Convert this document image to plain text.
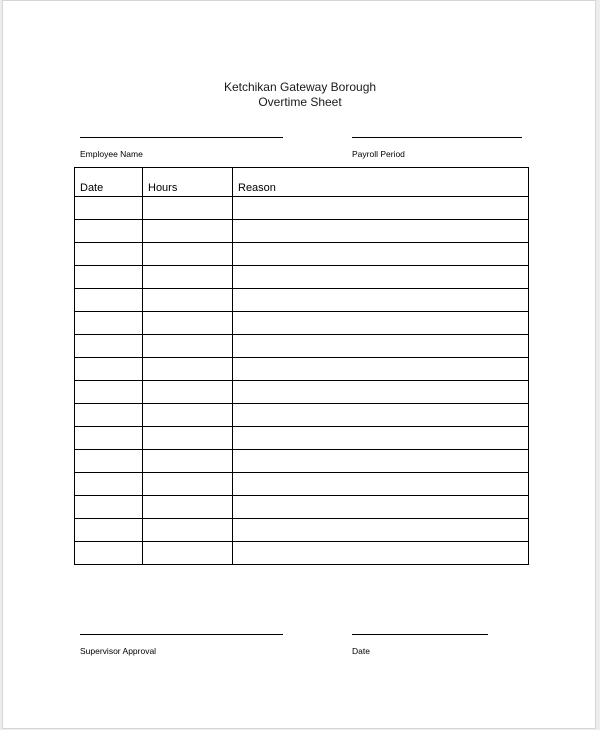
Ketchikan Gateway Borough
Overtime Sheet
Employee Name	Payroll Period
Date	Hours	Reason

Supervisor Approval	Date
